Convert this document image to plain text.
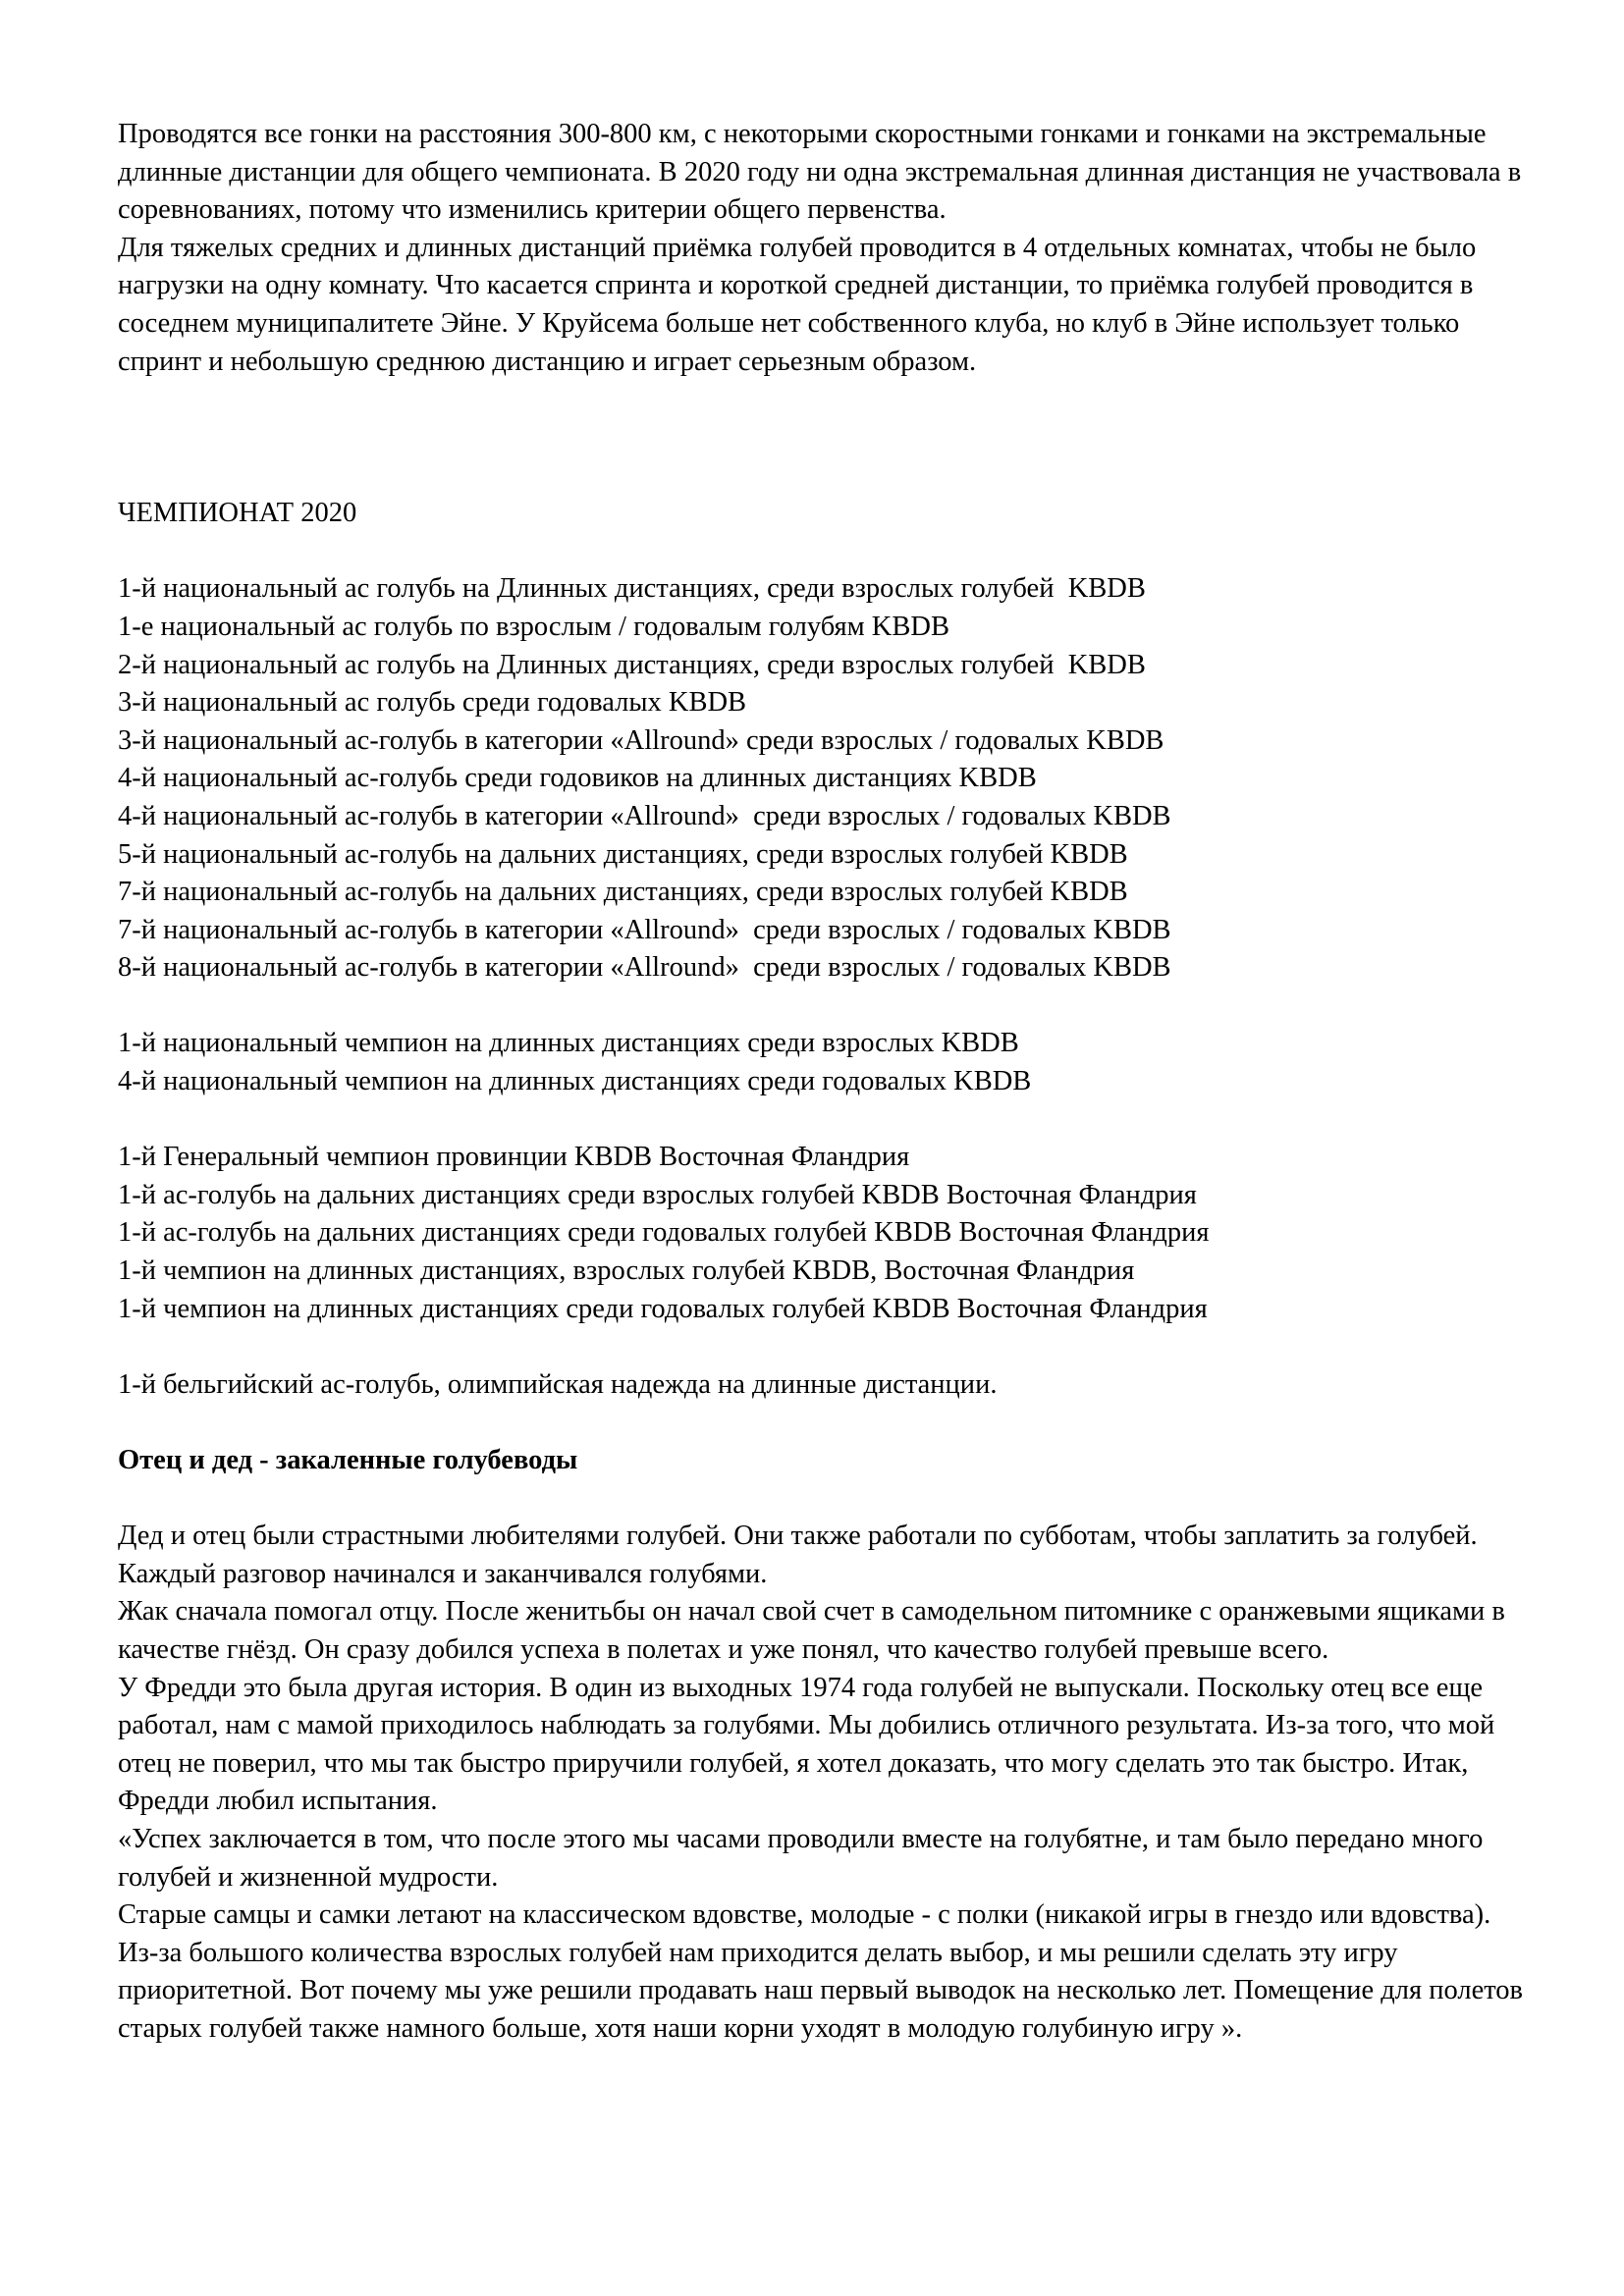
Проводятся все гонки на расстояния 300-800 км, с некоторыми скоростными гонками и гонками на экстремальные длинные дистанции для общего чемпионата. В 2020 году ни одна экстремальная длинная дистанция не участвовала в соревнованиях, потому что изменились критерии общего первенства.

Для тяжелых средних и длинных дистанций приёмка голубей проводится в 4 отдельных комнатах, чтобы не было нагрузки на одну комнату. Что касается спринта и короткой средней дистанции, то приёмка голубей проводится в соседнем муниципалитете Эйне. У Круйсема больше нет собственного клуба, но клуб в Эйне использует только спринт и небольшую среднюю дистанцию и играет серьезным образом.

ЧЕМПИОНАТ 2020

1-й национальный ас голубь на Длинных дистанциях, среди взрослых голубей  KBDB
1-е национальный ас голубь по взрослым / годовалым голубям KBDB
2-й национальный ас голубь на Длинных дистанциях, среди взрослых голубей  KBDB
3-й национальный ас голубь среди годовалых KBDB
3-й национальный ас-голубь в категории «Allround» среди взрослых / годовалых KBDB
4-й национальный ас-голубь среди годовиков на длинных дистанциях KBDB
4-й национальный ас-голубь в категории «Allround»  среди взрослых / годовалых KBDB
5-й национальный ас-голубь на дальних дистанциях, среди взрослых голубей KBDB
7-й национальный ас-голубь на дальних дистанциях, среди взрослых голубей KBDB
7-й национальный ас-голубь в категории «Allround»  среди взрослых / годовалых KBDB
8-й национальный ас-голубь в категории «Allround»  среди взрослых / годовалых KBDB
1-й национальный чемпион на длинных дистанциях среди взрослых KBDB
4-й национальный чемпион на длинных дистанциях среди годовалых KBDB
1-й Генеральный чемпион провинции KBDB Восточная Фландрия
1-й ас-голубь на дальних дистанциях среди взрослых голубей KBDB Восточная Фландрия
1-й ас-голубь на дальних дистанциях среди годовалых голубей KBDB Восточная Фландрия
1-й чемпион на длинных дистанциях, взрослых голубей KBDB, Восточная Фландрия
1-й чемпион на длинных дистанциях среди годовалых голубей KBDB Восточная Фландрия

1-й бельгийский ас-голубь, олимпийская надежда на длинные дистанции.

Отец и дед - закаленные голубеводы

Дед и отец были страстными любителями голубей. Они также работали по субботам, чтобы заплатить за голубей. Каждый разговор начинался и заканчивался голубями.

Жак сначала помогал отцу. После женитьбы он начал свой счет в самодельном питомнике с оранжевыми ящиками в качестве гнёзд. Он сразу добился успеха в полетах и уже понял, что качество голубей превыше всего.

У Фредди это была другая история. В один из выходных 1974 года голубей не выпускали. Поскольку отец все еще работал, нам с мамой приходилось наблюдать за голубями. Мы добились отличного результата. Из-за того, что мой отец не поверил, что мы так быстро приручили голубей, я хотел доказать, что могу сделать это так быстро. Итак, Фредди любил испытания.

«Успех заключается в том, что после этого мы часами проводили вместе на голубятне, и там было передано много голубей и жизненной мудрости.

Старые самцы и самки летают на классическом вдовстве, молодые - с полки (никакой игры в гнездо или вдовства). Из-за большого количества взрослых голубей нам приходится делать выбор, и мы решили сделать эту игру приоритетной. Вот почему мы уже решили продавать наш первый выводок на несколько лет. Помещение для полетов старых голубей также намного больше, хотя наши корни уходят в молодую голубиную игру ».
